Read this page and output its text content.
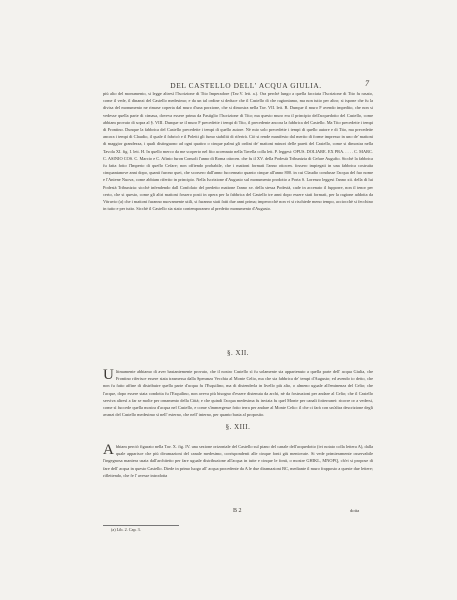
DEL CASTELLO DELL' ACQUA GIULIA.	7

più alto del monumento, si legge altresì l'Iscrizione di Tito Imperadore (Tav.V. lett. a.). Ora perchè lungo a quella facciata l'Iscrizione di Tito fu rasato, come il vede, il dinanzi del Castello medesimo; e da un tal ordine si deduce che il Castello di che ragioniamo, ma non tutto per altro; si ispone che fu la divisa del monumento ne rimase coperta dal muro d'una porzione, che si dimostra nella Tav. VII. lett. B. Dunque il muro F avendo impedito, che non si vedesse quella parte di cimasa, doveva essere prima da Fastiglio l'Iscrizione di Tito; ma questo muro era il principio dell'acquedotto del Castello, come abbiam provato di sopra al §. VIII. Dunque se il muro F precedette i tempi di Tito, il precedente ancora la fabbrica del Castello. Ma Tito precedette i tempi di Frontino. Dunque la fabbrica del Castello precedette i tempi di quello autore. Nè mio solo precedette i tempi di quello autore e di Tito, ma precedette ancora i tempi di Claudio, il quale il fabricò e il Poletti gli fumo stabiliti di riferirà. Ciò si rende manifesto dal merito di forme impresso in uno de' mattoni di maggior grandezza, i quali distinguono ad ogni quattro o cinque palmi gli ordini de' mattoni minori delle pareti del Castello, come si dimostra nella Tavola XI. fig. I. lett. H. In quello merco da me scoperto nel fito accennato nella Tavella colla lett. P. leggesi: OPUS. DOLIARE. EX PRA. . . . . C. MARC. C. ASINIO COS. C. Marcio e C. Afinio furon Consoli l'anno di Roma ottocen. che fu il XV. della Podestà Tribunizia di Cefare Augufto. Sicchè la fabbrica fu fatta fotto l'Imperio di queflo Cefare; non offiendo probabile, che i mattoni formati l'anno ottocen. fossero impiegati in una fabbrica costruita cinquantanove anni dopo, quanti furono quei, che scorsero dall'anno fuccennato quanto cinque all'anno 800. in cui Claudio condusse l'acqua del fuo nome e l'Aniene Nuova, come abbiam riferito in principio. Nella Iscrizione d'Augusto sul monumento prodotto a Porta S. Lorenzo leggesi l'anno xii. della di lui Podestà Tribunizia: sicchè infendendo dall Confolato del predetto mattone l'anno xv. della stessa Podestà, cade in accenato il fupporre, non il tenor per certo, che si questo, come gli altri mattoni fossero posti in opera per la fabbrica del Castello tre anni dopo essere stati formati, per la ragione addotta da Vitruvio (a) che i mattoni furanno nuovamente utili, si furanno stati fatti due anni prima; imperocchè non vi si rischiede meno tempo, acciocchè si fecchino in tutto e per tutto. Sicchè il Castello sia stato contemporaneo al predetto monumento d'Augusto.

§. XII.

Ultimamente abbiamo di aver bastantemente provato, che il nostro Castello sì fu solamente sia appartenuto a quella parte dell' acqua Giulia, che Frontino riferisce essere stata trasmessa dalla Speranza Vecchia al Monte Celio, ma che sia fabbrica de' tempi d'Augusto; ed avendo io detto, che non fu fatto affine di distribuire quella parte d'acqua fu l'Esquilino, ma di distenderla in livello più alto, o almeno uguale all'eminenza del Celio; che l'acque, dopo essere stata condotta fu l'Esquilino, non aveva più bisogno d'essere distenuta da archi, nè da fostruzioni per andare al Celio; che il Castello serviva altresì a far se molte per ornamento della Città; e che quindi l'acqua medesima fu inviata fu quel Monte per canali fotterranei: ricorre or a vedersi, come sì fuccede quella mostra d'acqua nel Castello, e come s'immergesse fotto terra per andare al Monte Celio: il che ci farà con un'altra descrizione degli avanzi del Castello medesimo sì nell' esterno, che nell' interno, per quanto basta al proposito.

§. XIII.

Abbiam perciò figurato nella Tav. X. fig. IV. una sezione orizontale del Castello sul piano del canale dell'acquedotto (ivi notato colla lettera A), dalla quale apparisce che più divamazioni del canale medesimo, corrispondenti alle cinque fonti giù mentovate. Si vede primieramente osservabile l'ingegnosa maniera usata dall'architetto per fare uguale distribuzione all'acqua in tutte e cinque le fonti, o mostre GHIKL, MNOPQ, ch'ei si propose di fare dell' acqua in questo Castello. Diede in primo luogo all' acqua procedente da A le due diramazioni BC, mediante il muro frapposto a queste due lettere; riflettendo, che fe l' avesse introdotta

B 2	dotta
(a) Lib. 2. Cap. 3.
